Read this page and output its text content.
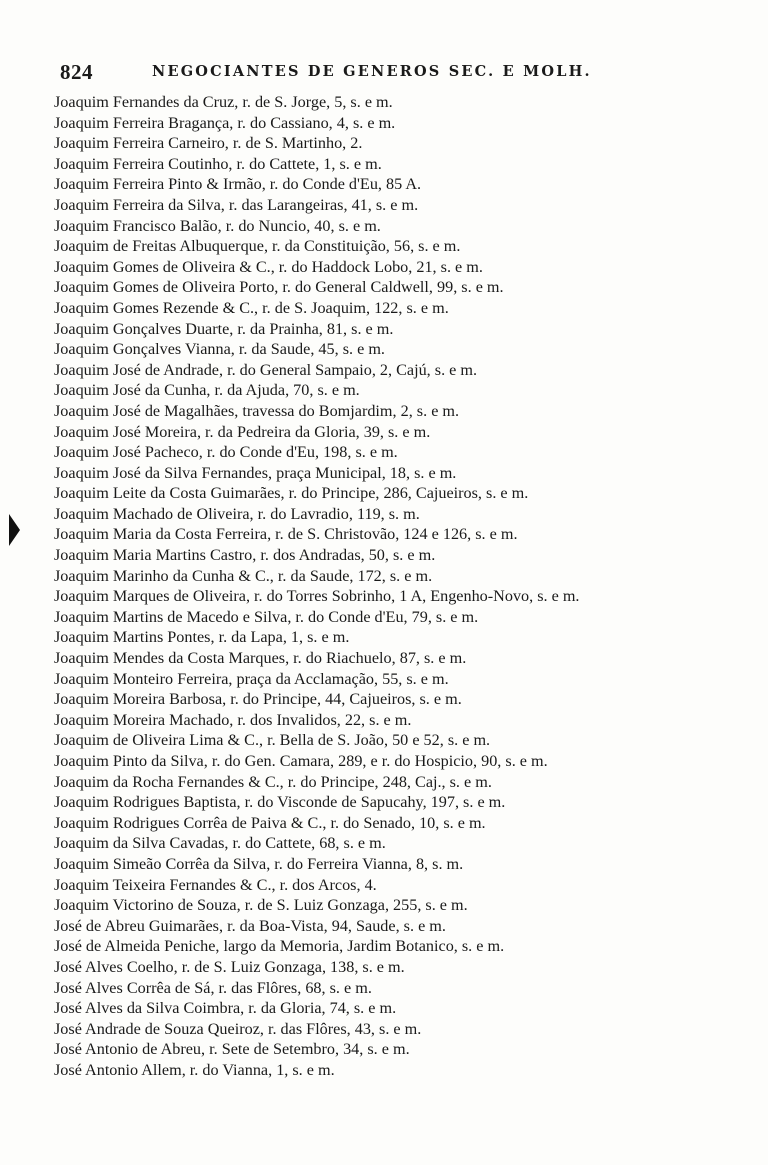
824	NEGOCIANTES DE GENEROS SEC. E MOLH.
Joaquim Fernandes da Cruz, r. de S. Jorge, 5, s. e m.
Joaquim Ferreira Bragança, r. do Cassiano, 4, s. e m.
Joaquim Ferreira Carneiro, r. de S. Martinho, 2.
Joaquim Ferreira Coutinho, r. do Cattete, 1, s. e m.
Joaquim Ferreira Pinto & Irmão, r. do Conde d'Eu, 85 A.
Joaquim Ferreira da Silva, r. das Larangeiras, 41, s. e m.
Joaquim Francisco Balão, r. do Nuncio, 40, s. e m.
Joaquim de Freitas Albuquerque, r. da Constituição, 56, s. e m.
Joaquim Gomes de Oliveira & C., r. do Haddock Lobo, 21, s. e m.
Joaquim Gomes de Oliveira Porto, r. do General Caldwell, 99, s. e m.
Joaquim Gomes Rezende & C., r. de S. Joaquim, 122, s. e m.
Joaquim Gonçalves Duarte, r. da Prainha, 81, s. e m.
Joaquim Gonçalves Vianna, r. da Saude, 45, s. e m.
Joaquim José de Andrade, r. do General Sampaio, 2, Cajú, s. e m.
Joaquim José da Cunha, r. da Ajuda, 70, s. e m.
Joaquim José de Magalhães, travessa do Bomjardim, 2, s. e m.
Joaquim José Moreira, r. da Pedreira da Gloria, 39, s. e m.
Joaquim José Pacheco, r. do Conde d'Eu, 198, s. e m.
Joaquim José da Silva Fernandes, praça Municipal, 18, s. e m.
Joaquim Leite da Costa Guimarães, r. do Principe, 286, Cajueiros, s. e m.
Joaquim Machado de Oliveira, r. do Lavradio, 119, s. m.
Joaquim Maria da Costa Ferreira, r. de S. Christovão, 124 e 126, s. e m.
Joaquim Maria Martins Castro, r. dos Andradas, 50, s. e m.
Joaquim Marinho da Cunha & C., r. da Saude, 172, s. e m.
Joaquim Marques de Oliveira, r. do Torres Sobrinho, 1 A, Engenho-Novo, s. e m.
Joaquim Martins de Macedo e Silva, r. do Conde d'Eu, 79, s. e m.
Joaquim Martins Pontes, r. da Lapa, 1, s. e m.
Joaquim Mendes da Costa Marques, r. do Riachuelo, 87, s. e m.
Joaquim Monteiro Ferreira, praça da Acclamação, 55, s. e m.
Joaquim Moreira Barbosa, r. do Principe, 44, Cajueiros, s. e m.
Joaquim Moreira Machado, r. dos Invalidos, 22, s. e m.
Joaquim de Oliveira Lima & C., r. Bella de S. João, 50 e 52, s. e m.
Joaquim Pinto da Silva, r. do Gen. Camara, 289, e r. do Hospicio, 90, s. e m.
Joaquim da Rocha Fernandes & C., r. do Principe, 248, Caj., s. e m.
Joaquim Rodrigues Baptista, r. do Visconde de Sapucahy, 197, s. e m.
Joaquim Rodrigues Corrêa de Paiva & C., r. do Senado, 10, s. e m.
Joaquim da Silva Cavadas, r. do Cattete, 68, s. e m.
Joaquim Simeão Corrêa da Silva, r. do Ferreira Vianna, 8, s. m.
Joaquim Teixeira Fernandes & C., r. dos Arcos, 4.
Joaquim Victorino de Souza, r. de S. Luiz Gonzaga, 255, s. e m.
José de Abreu Guimarães, r. da Boa-Vista, 94, Saude, s. e m.
José de Almeida Peniche, largo da Memoria, Jardim Botanico, s. e m.
José Alves Coelho, r. de S. Luiz Gonzaga, 138, s. e m.
José Alves Corrêa de Sá, r. das Flôres, 68, s. e m.
José Alves da Silva Coimbra, r. da Gloria, 74, s. e m.
José Andrade de Souza Queiroz, r. das Flôres, 43, s. e m.
José Antonio de Abreu, r. Sete de Setembro, 34, s. e m.
José Antonio Allem, r. do Vianna, 1, s. e m.
